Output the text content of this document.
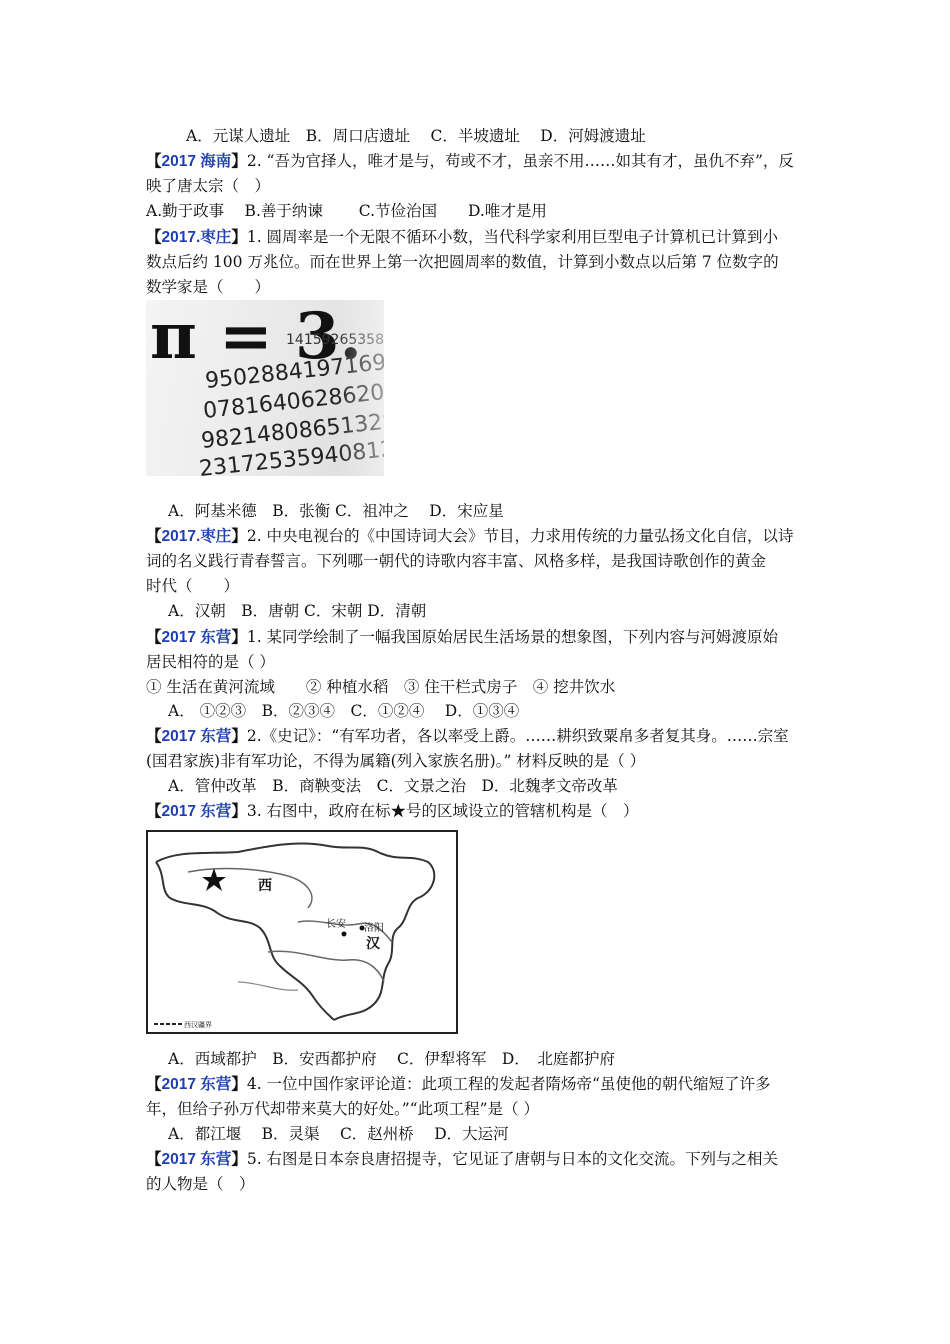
A．元谋人遗址　B．周口店遗址　 C．半坡遗址　 D．河姆渡遗址
【2017 海南】2. “吾为官择人，唯才是与，苟或不才，虽亲不用……如其有才，虽仇不弃”，反
映了唐太宗（　）
A.勤于政事　 B.善于纳谏　　 C.节俭治国　　D.唯才是用
【2017.枣庄】1. 圆周率是一个无限不循环小数，当代科学家利用巨型电子计算机已计算到小
数点后约 100 万兆位。而在世界上第一次把圆周率的数值，计算到小数点以后第 7 位数字的
数学家是（　　）
A．阿基米德　B．张衡 C．祖冲之　 D．宋应星
【2017.枣庄】2. 中央电视台的《中国诗词大会》节目，力求用传统的力量弘扬文化自信，以诗
词的名义践行青春誓言。下列哪一朝代的诗歌内容丰富、风格多样，是我国诗歌创作的黄金
时代（　　）
A．汉朝　B．唐朝 C．宋朝 D．清朝
【2017 东营】1. 某同学绘制了一幅我国原始居民生活场景的想象图，下列内容与河姆渡原始
居民相符的是（ ）
① 生活在黄河流域　　② 种植水稻　③ 住干栏式房子　④ 挖井饮水
A． ①②③　B．②③④　C．①②④　 D．①③④
【2017 东营】2.《史记》：“有军功者，各以率受上爵。……耕织致粟帛多者复其身。……宗室
(国君家族)非有军功论，不得为属籍(列入家族名册)。” 材料反映的是（ ）
A．管仲改革　B．商鞅变法　C．文景之治　D．北魏孝文帝改革
【2017 东营】3. 右图中，政府在标★号的区域设立的管辖机构是（　）
西
长安 洛阳
汉
西汉疆界
A．西域都护　B．安西都护府　 C．伊犁将军　D．　北庭都护府
【2017 东营】4. 一位中国作家评论道：此项工程的发起者隋炀帝“虽使他的朝代缩短了许多
年，但给子孙万代却带来莫大的好处。”“此项工程”是（ ）
A．都江堰　 B．灵渠　 C．赵州桥　 D．大运河
【2017 东营】5. 右图是日本奈良唐招提寺，它见证了唐朝与日本的文化交流。下列与之相关
的人物是（　）
